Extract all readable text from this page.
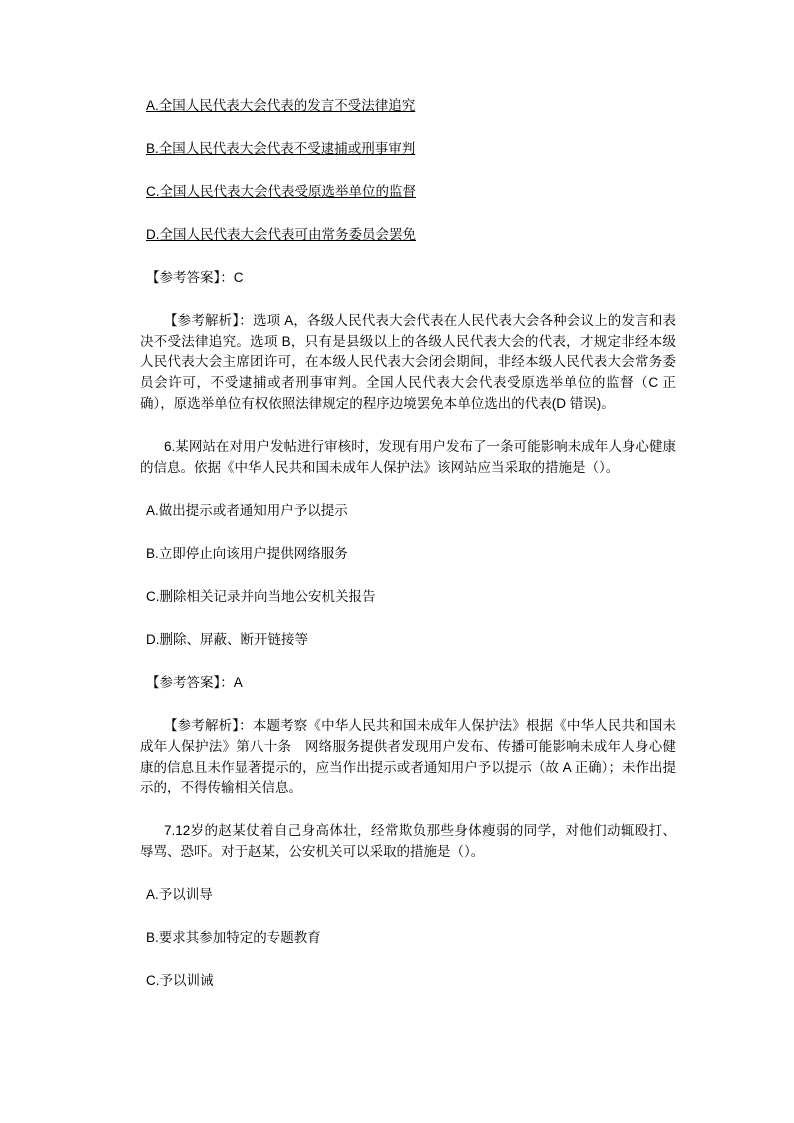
A.全国人民代表大会代表的发言不受法律追究

B.全国人民代表大会代表不受逮捕或刑事审判

C.全国人民代表大会代表受原选举单位的监督

D.全国人民代表大会代表可由常务委员会罢免

【参考答案】：C

【参考解析】：选项 A，各级人民代表大会代表在人民代表大会各种会议上的发言和表决不受法律追究。选项 B，只有是县级以上的各级人民代表大会的代表，才规定非经本级人民代表大会主席团许可，在本级人民代表大会闭会期间，非经本级人民代表大会常务委员会许可，不受逮捕或者刑事审判。全国人民代表大会代表受原选举单位的监督（C 正确），原选举单位有权依照法律规定的程序边境罢免本单位选出的代表(D 错误)。

6.某网站在对用户发帖进行审核时，发现有用户发布了一条可能影响未成年人身心健康的信息。依据《中华人民共和国未成年人保护法》该网站应当采取的措施是（）。

A.做出提示或者通知用户予以提示

B.立即停止向该用户提供网络服务

C.删除相关记录并向当地公安机关报告

D.删除、屏蔽、断开链接等

【参考答案】：A

【参考解析】：本题考察《中华人民共和国未成年人保护法》根据《中华人民共和国未成年人保护法》第八十条　网络服务提供者发现用户发布、传播可能影响未成年人身心健康的信息且未作显著提示的，应当作出提示或者通知用户予以提示（故 A 正确）；未作出提示的，不得传输相关信息。

7.12岁的赵某仗着自己身高体壮，经常欺负那些身体瘦弱的同学，对他们动辄殴打、辱骂、恐吓。对于赵某，公安机关可以采取的措施是（）。

A.予以训导

B.要求其参加特定的专题教育

C.予以训诫
